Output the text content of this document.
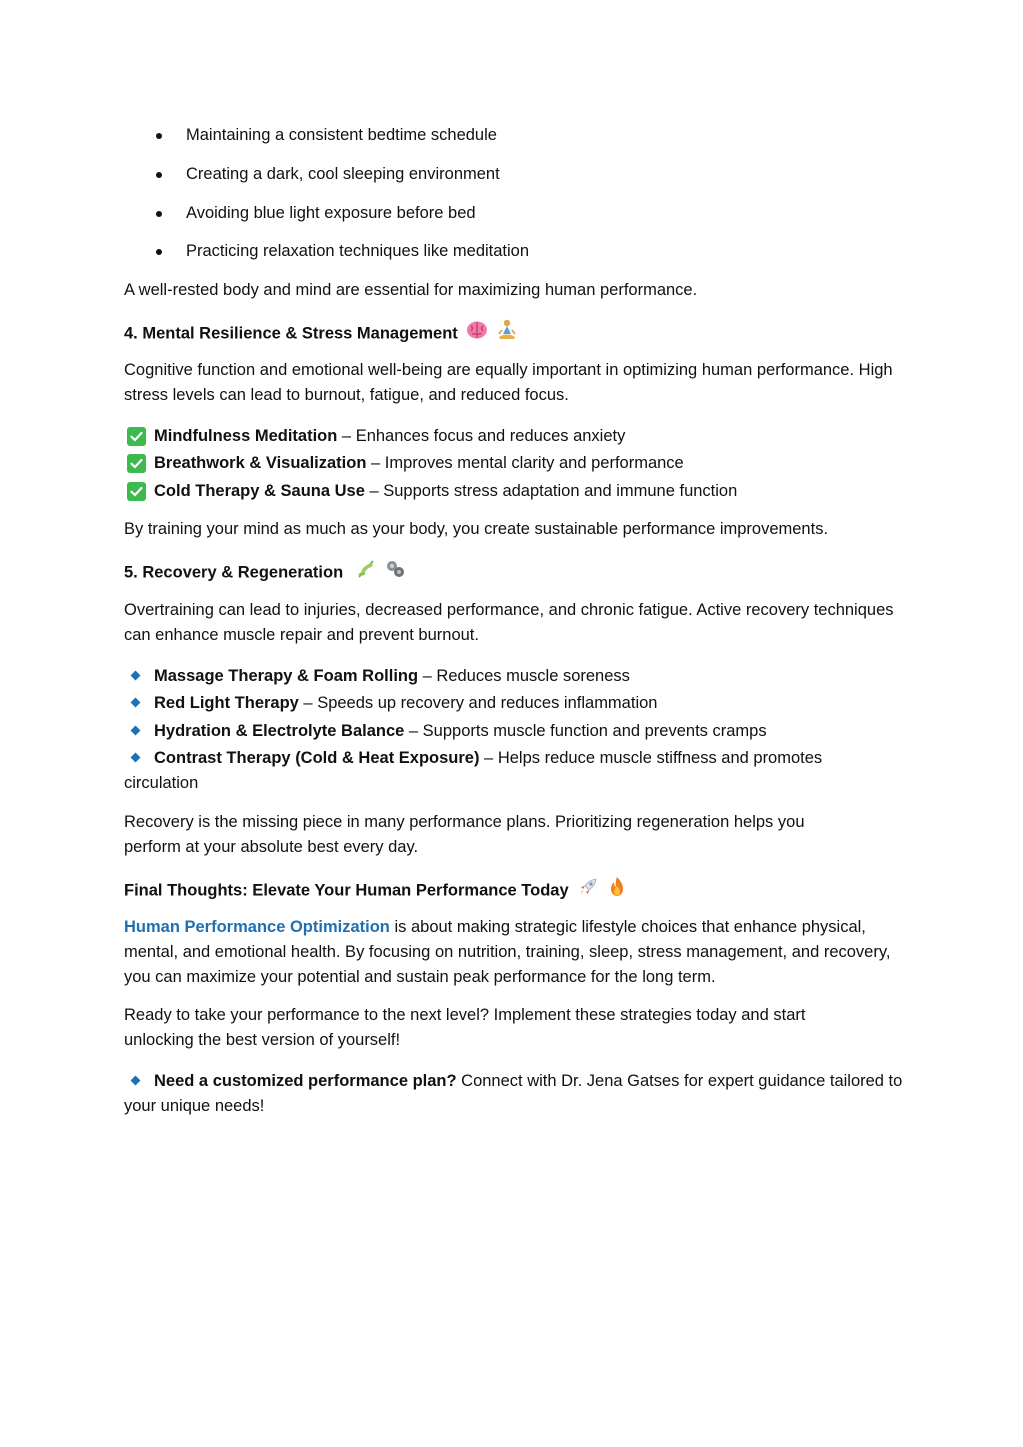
Maintaining a consistent bedtime schedule
Creating a dark, cool sleeping environment
Avoiding blue light exposure before bed
Practicing relaxation techniques like meditation
A well-rested body and mind are essential for maximizing human performance.
4. Mental Resilience & Stress Management
Cognitive function and emotional well-being are equally important in optimizing human performance. High stress levels can lead to burnout, fatigue, and reduced focus.
Mindfulness Meditation – Enhances focus and reduces anxiety
Breathwork & Visualization – Improves mental clarity and performance
Cold Therapy & Sauna Use – Supports stress adaptation and immune function
By training your mind as much as your body, you create sustainable performance improvements.
5. Recovery & Regeneration
Overtraining can lead to injuries, decreased performance, and chronic fatigue. Active recovery techniques can enhance muscle repair and prevent burnout.
Massage Therapy & Foam Rolling – Reduces muscle soreness
Red Light Therapy – Speeds up recovery and reduces inflammation
Hydration & Electrolyte Balance – Supports muscle function and prevents cramps
Contrast Therapy (Cold & Heat Exposure) – Helps reduce muscle stiffness and promotes circulation
Recovery is the missing piece in many performance plans. Prioritizing regeneration helps you perform at your absolute best every day.
Final Thoughts: Elevate Your Human Performance Today
Human Performance Optimization is about making strategic lifestyle choices that enhance physical, mental, and emotional health. By focusing on nutrition, training, sleep, stress management, and recovery, you can maximize your potential and sustain peak performance for the long term.
Ready to take your performance to the next level? Implement these strategies today and start unlocking the best version of yourself!
Need a customized performance plan? Connect with Dr. Jena Gatses for expert guidance tailored to your unique needs!
